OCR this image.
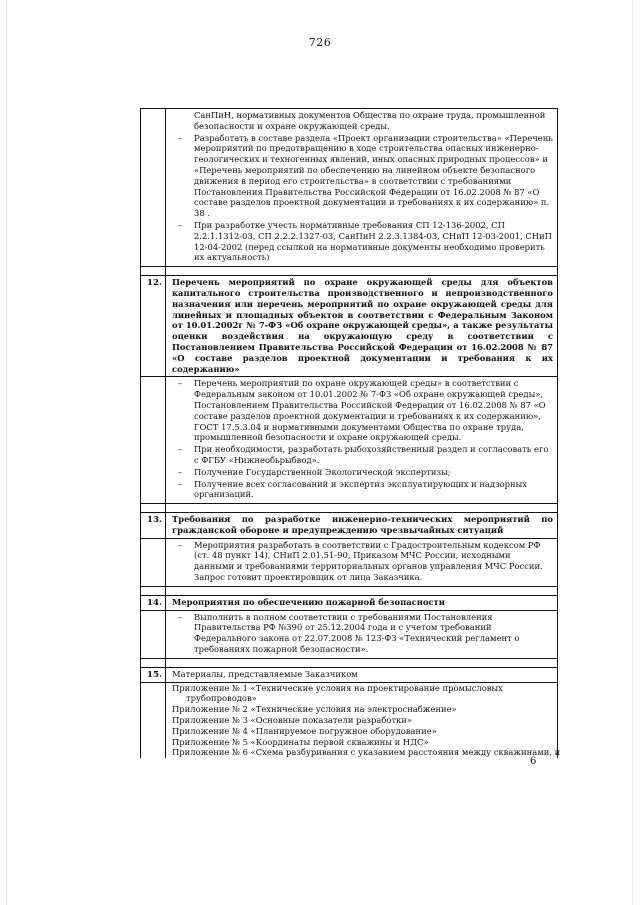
726
СанПиН, нормативных документов Общества по охране труда, промышленной безопасности и охране окружающей среды.
– Разработать в составе раздела «Проект организации строительства» «Перечень мероприятий по предотвращению в ходе строительства опасных инженерно-геологических и техногенных явлений, иных опасных природных процессов» и «Перечень мероприятий по обеспечению на линейном объекте безопасного движения в период его строительства» в соответствии с требованиями Постановления Правительства Российской Федерации от 16.02.2008 № 87 «О составе разделов проектной документации и требованиях к их содержанию» п. 38 .
– При разработке учесть нормативные требования СП 12-136-2002, СП 2.2.1.1312-03, СП 2.2.2.1327-03, СанПиН 2.2.3.1384-03, СНиП 12-03-2001, СНиП 12-04-2002 (перед ссылкой на нормативные документы необходимо проверить их актуальность)
12.	Перечень мероприятий по охране окружающей среды для объектов капитального строительства производственного и непроизводственного назначения или перечень мероприятий по охране окружающей среды для линейных и площадных объектов в соответствии с Федеральным Законом от 10.01.2002г № 7-ФЗ «Об охране окружающей среды», а также результаты оценки воздействия на окружающую среду в соответствии с Постановлением Правительства Российской Федерации от 16.02.2008 № 87 «О составе разделов проектной документации и требования к их содержанию»
– Перечень мероприятий по охране окружающей среды» в соответствии с Федеральным законом от 10.01.2002 № 7-ФЗ «Об охране окружающей среды», Постановлением Правительства Российской Федерации от 16.02.2008 № 87 «О составе разделов проектной документации и требованиях к их содержанию», ГОСТ 17.5.3.04 и нормативными документами Общества по охране труда, промышленной безопасности и охране окружающей среды.
– При необходимости, разработать рыбохозяйственный раздел и согласовать его с ФГБУ «Нижнеобьрыбвод».
– Получение Государственной Экологической экспертизы;
– Получение всех согласований и экспертиз эксплуатирующих и надзорных организаций.
13.	Требования по разработке инженерно-технических мероприятий по гражданской обороне и предупреждению чрезвычайных ситуаций
– Мероприятия разработать в соответствии с Градостроительным кодексом РФ (ст. 48 пункт 14), СНиП 2.01.51-90, Приказом МЧС России, исходными данными и требованиями территориальных органов управления МЧС России. Запрос готовит проектировщик от лица Заказчика.
14.	Мероприятия по обеспечению пожарной безопасности
– Выполнить в полном соответствии с требованиями Постановления Правительства РФ №390 от 25.12.2004 года и с учетом требований Федерального закона от 22.07.2008 № 123-ФЗ «Технический регламент о требованиях пожарной безопасности».
15.	Материалы, представляемые Заказчиком
Приложение № 1 «Технические условия на проектирование промысловых
трубопроводов»
Приложение № 2 «Технические условия на электроснабжение»
Приложение № 3 «Основные показатели разработки»
Приложение № 4 «Планируемое погружное оборудование»
Приложение № 5 «Координаты первой скважины и НДС»
Приложение № 6 «Схема разбуривания с указанием расстояния между скважинами, и
6
